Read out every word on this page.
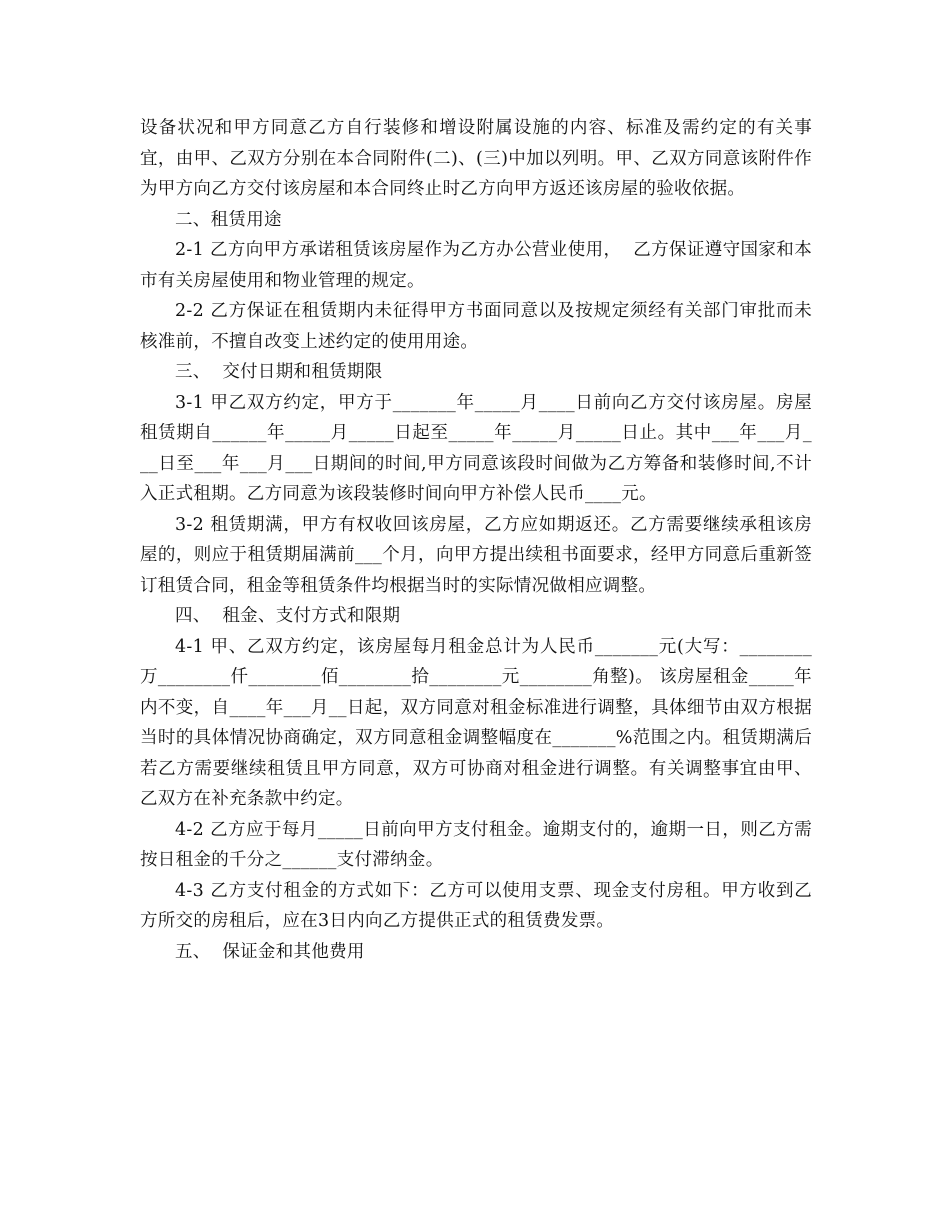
设备状况和甲方同意乙方自行装修和增设附属设施的内容、标准及需约定的有关事宜，由甲、乙双方分别在本合同附件(二)、(三)中加以列明。甲、乙双方同意该附件作为甲方向乙方交付该房屋和本合同终止时乙方向甲方返还该房屋的验收依据。

二、租赁用途

2-1 乙方向甲方承诺租赁该房屋作为乙方办公营业使用，  乙方保证遵守国家和本市有关房屋使用和物业管理的规定。

2-2 乙方保证在租赁期内未征得甲方书面同意以及按规定须经有关部门审批而未核准前，不擅自改变上述约定的使用用途。

三、  交付日期和租赁期限

3-1 甲乙双方约定，甲方于_______年_____月____日前向乙方交付该房屋。房屋租赁期自______年_____月_____日起至_____年_____月_____日止。其中___年___月___日至___年___月___日期间的时间,甲方同意该段时间做为乙方筹备和装修时间,不计入正式租期。乙方同意为该段装修时间向甲方补偿人民币____元。

3-2 租赁期满，甲方有权收回该房屋，乙方应如期返还。乙方需要继续承租该房屋的，则应于租赁期届满前___个月，向甲方提出续租书面要求，经甲方同意后重新签订租赁合同，租金等租赁条件均根据当时的实际情况做相应调整。

四、  租金、支付方式和限期

4-1 甲、乙双方约定，该房屋每月租金总计为人民币_______元(大写：________万________仟________佰________拾________元________角整)。 该房屋租金_____年内不变，自____年___月__日起，双方同意对租金标准进行调整，具体细节由双方根据当时的具体情况协商确定，双方同意租金调整幅度在_______%范围之内。租赁期满后若乙方需要继续租赁且甲方同意，双方可协商对租金进行调整。有关调整事宜由甲、乙双方在补充条款中约定。

4-2 乙方应于每月_____日前向甲方支付租金。逾期支付的，逾期一日，则乙方需按日租金的千分之______支付滞纳金。

4-3 乙方支付租金的方式如下：乙方可以使用支票、现金支付房租。甲方收到乙方所交的房租后，应在3日内向乙方提供正式的租赁费发票。

五、  保证金和其他费用
